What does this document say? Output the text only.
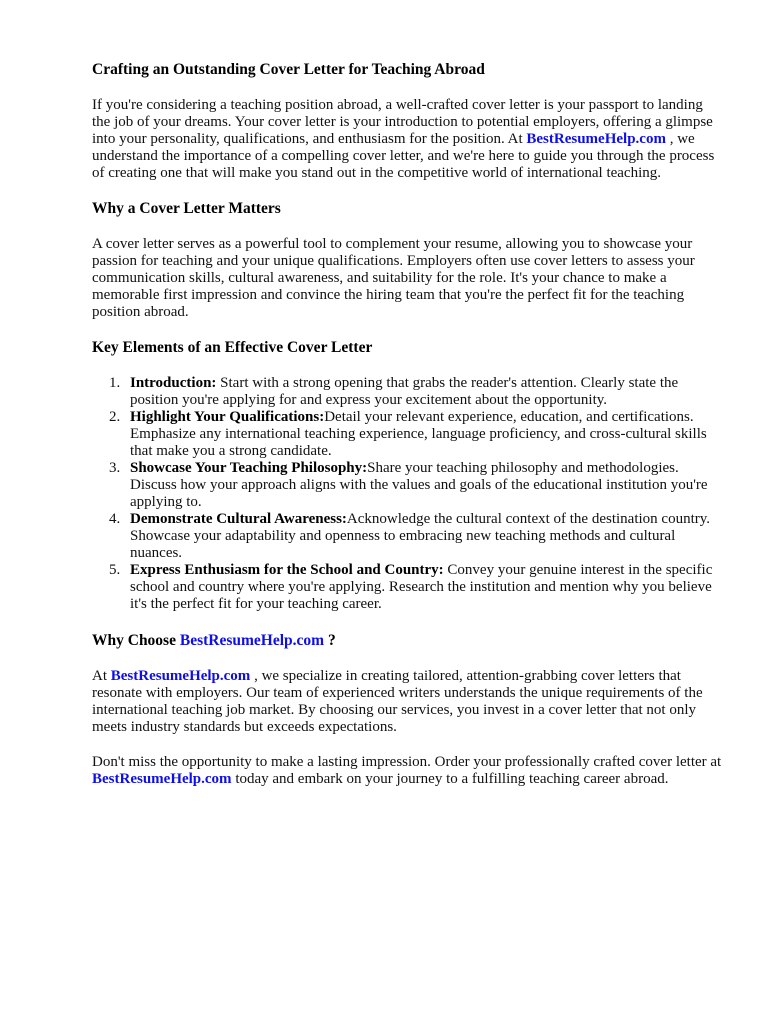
Crafting an Outstanding Cover Letter for Teaching Abroad

If you're considering a teaching position abroad, a well-crafted cover letter is your passport to landing the job of your dreams. Your cover letter is your introduction to potential employers, offering a glimpse into your personality, qualifications, and enthusiasm for the position. At BestResumeHelp.com , we understand the importance of a compelling cover letter, and we're here to guide you through the process of creating one that will make you stand out in the competitive world of international teaching.

Why a Cover Letter Matters

A cover letter serves as a powerful tool to complement your resume, allowing you to showcase your passion for teaching and your unique qualifications. Employers often use cover letters to assess your communication skills, cultural awareness, and suitability for the role. It's your chance to make a memorable first impression and convince the hiring team that you're the perfect fit for the teaching position abroad.

Key Elements of an Effective Cover Letter
1. Introduction: Start with a strong opening that grabs the reader's attention. Clearly state the position you're applying for and express your excitement about the opportunity.
2. Highlight Your Qualifications:Detail your relevant experience, education, and certifications. Emphasize any international teaching experience, language proficiency, and cross-cultural skills that make you a strong candidate.
3. Showcase Your Teaching Philosophy:Share your teaching philosophy and methodologies. Discuss how your approach aligns with the values and goals of the educational institution you're applying to.
4. Demonstrate Cultural Awareness:Acknowledge the cultural context of the destination country. Showcase your adaptability and openness to embracing new teaching methods and cultural nuances.
5. Express Enthusiasm for the School and Country: Convey your genuine interest in the specific school and country where you're applying. Research the institution and mention why you believe it's the perfect fit for your teaching career.
Why Choose BestResumeHelp.com ?

At BestResumeHelp.com , we specialize in creating tailored, attention-grabbing cover letters that resonate with employers. Our team of experienced writers understands the unique requirements of the international teaching job market. By choosing our services, you invest in a cover letter that not only meets industry standards but exceeds expectations.

Don't miss the opportunity to make a lasting impression. Order your professionally crafted cover letter at BestResumeHelp.com today and embark on your journey to a fulfilling teaching career abroad.
